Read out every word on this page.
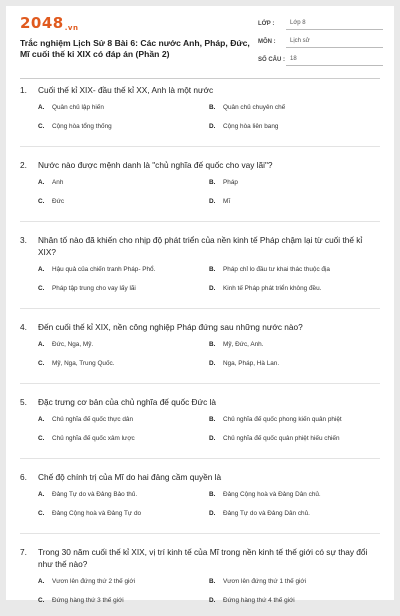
2048.vn
Trắc nghiệm Lịch Sử 8 Bài 6: Các nước Anh, Pháp, Đức, Mĩ cuối thế kỉ XIX có đáp án (Phần 2)
LỚP :	Lớp 8
MÔN :	Lịch sử
SỐ CÂU : 18
1.	Cuối thế kỉ XIX- đầu thế kỉ XX, Anh là một nước
A.	Quân chủ lập hiến	B.	Quân chủ chuyên chế
C.	Cộng hòa tổng thống	D.	Cộng hòa liên bang
2.	Nước nào được mệnh danh là "chủ nghĩa đế quốc cho vay lãi"?
A.	Anh	B.	Pháp
C.	Đức	D.	Mĩ
3.	Nhân tố nào đã khiến cho nhịp độ phát triển của nền kinh tế Pháp chậm lại từ cuối thế kỉ XIX?
A.	Hậu quả của chiến tranh Pháp- Phổ.	B.	Pháp chỉ lo đầu tư khai thác thuộc địa
C.	Pháp tập trung cho vay lấy lãi	D.	Kinh tế Pháp phát triển không đều.
4.	Đến cuối thế kỉ XIX, nền công nghiệp Pháp đứng sau những nước nào?
A.	Đức, Nga, Mỹ.	B.	Mỹ, Đức, Anh.
C.	Mỹ, Nga, Trung Quốc.	D.	Nga, Pháp, Hà Lan.
5.	Đặc trưng cơ bản của chủ nghĩa đế quốc Đức là
A.	Chủ nghĩa đế quốc thực dân	B.	Chủ nghĩa đế quốc phong kiến quân phiệt
C.	Chủ nghĩa đế quốc xâm lược	D.	Chủ nghĩa đế quốc quân phiệt hiếu chiến
6.	Chế độ chính trị của Mĩ do hai đảng cầm quyền là
A.	Đảng Tự do và Đảng Bảo thủ.	B.	Đảng Cộng hoà và Đảng Dân chủ.
C.	Đảng Cộng hoà và Đảng Tự do	D.	Đảng Tự do và Đảng Dân chủ.
7.	Trong 30 năm cuối thế kỉ XIX, vị trí kinh tế của Mĩ trong nền kinh tế thế giới có sự thay đổi như thế nào?
A.	Vươn lên đứng thứ 2 thế giới	B.	Vươn lên đứng thứ 1 thế giới
C.	Đứng hàng thứ 3 thế giới	D.	Đứng hàng thứ 4 thế giới
